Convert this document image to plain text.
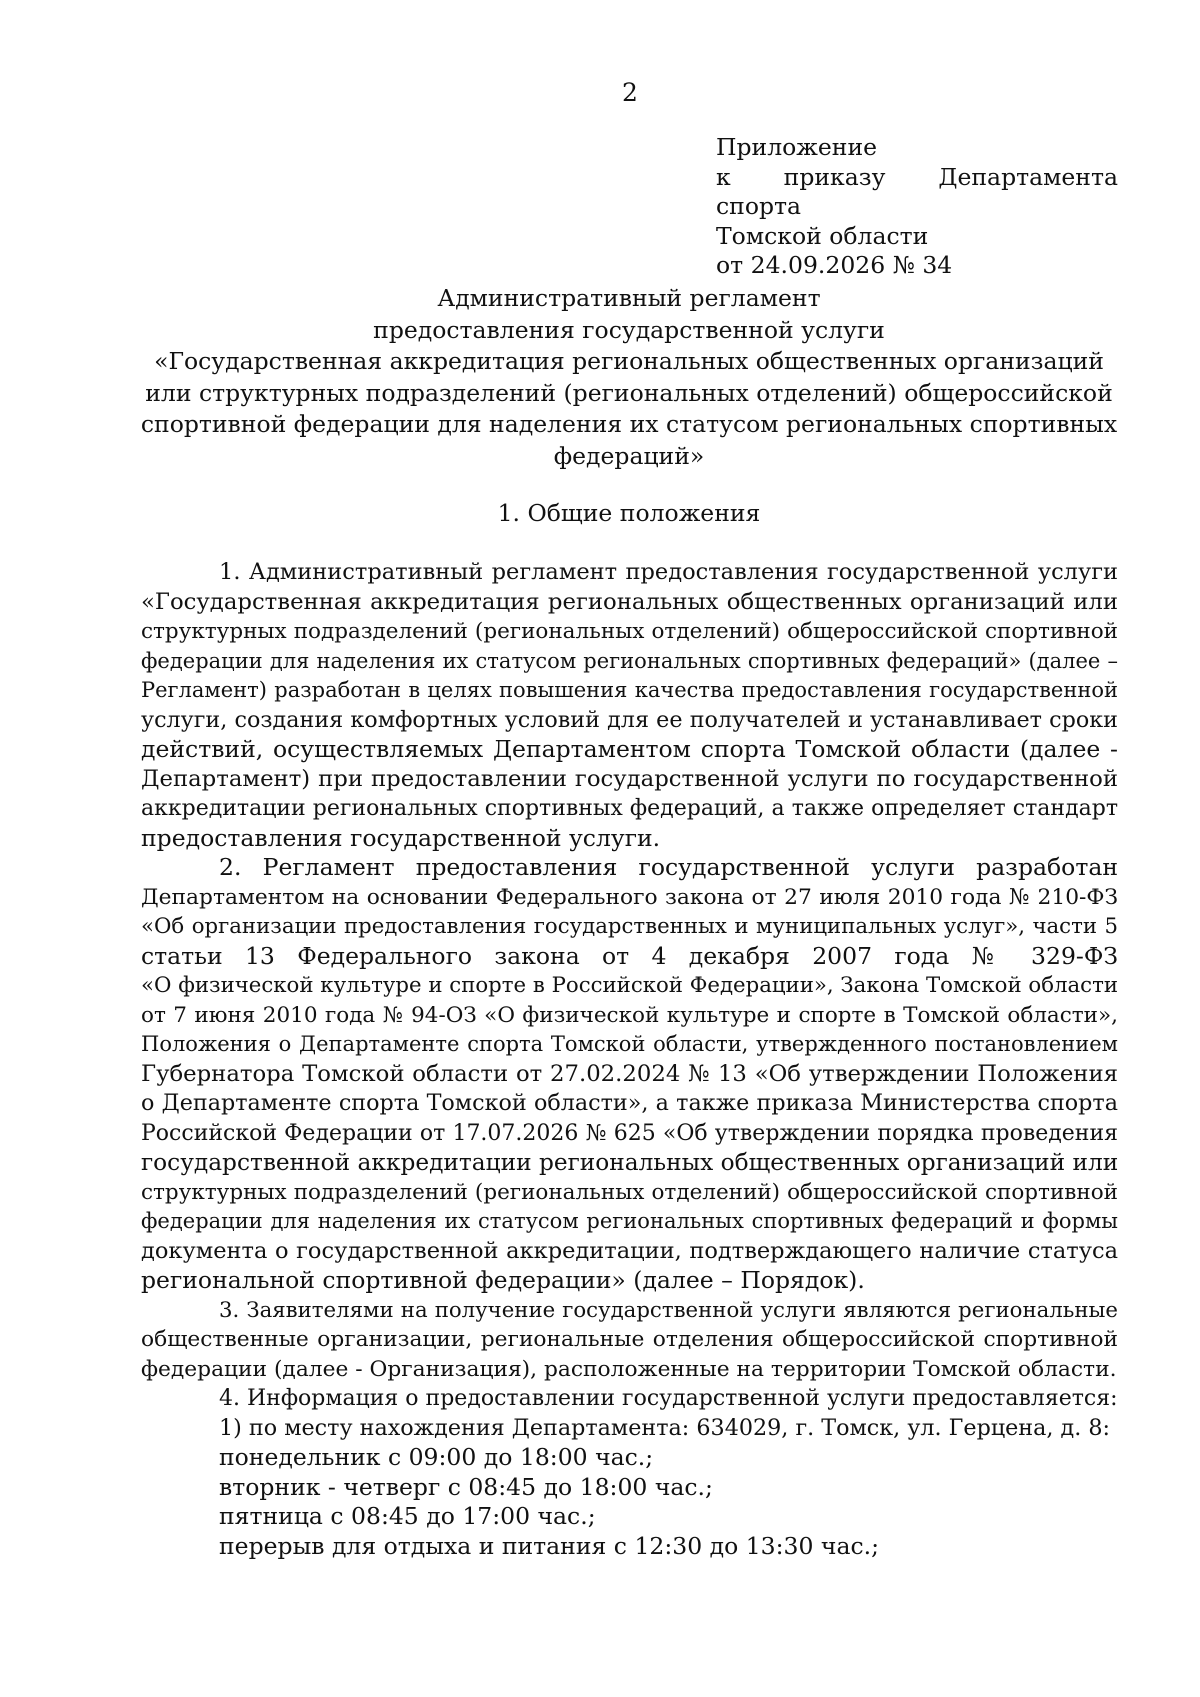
2
Приложение
к приказу Департамента спорта
Томской области
от 24.09.2026 № 34
Административный регламент
предоставления государственной услуги
«Государственная аккредитация региональных общественных организаций
или структурных подразделений (региональных отделений) общероссийской
спортивной федерации для наделения их статусом региональных спортивных
федераций»
1. Общие положения
1. Административный регламент предоставления государственной услуги
«Государственная аккредитация региональных общественных организаций или
структурных подразделений (региональных отделений) общероссийской спортивной
федерации для наделения их статусом региональных спортивных федераций» (далее –
Регламент) разработан в целях повышения качества предоставления государственной
услуги, создания комфортных условий для ее получателей и устанавливает сроки
действий, осуществляемых Департаментом спорта Томской области (далее -
Департамент) при предоставлении государственной услуги по государственной
аккредитации региональных спортивных федераций, а также определяет стандарт
предоставления государственной услуги.
2. Регламент предоставления государственной услуги разработан
Департаментом на основании Федерального закона от 27 июля 2010 года № 210-ФЗ
«Об организации предоставления государственных и муниципальных услуг», части 5
статьи 13 Федерального закона от 4 декабря 2007 года № 329-ФЗ
«О физической культуре и спорте в Российской Федерации», Закона Томской области
от 7 июня 2010 года № 94-ОЗ «О физической культуре и спорте в Томской области»,
Положения о Департаменте спорта Томской области, утвержденного постановлением
Губернатора Томской области от 27.02.2024 № 13 «Об утверждении Положения
о Департаменте спорта Томской области», а также приказа Министерства спорта
Российской Федерации от 17.07.2026 № 625 «Об утверждении порядка проведения
государственной аккредитации региональных общественных организаций или
структурных подразделений (региональных отделений) общероссийской спортивной
федерации для наделения их статусом региональных спортивных федераций и формы
документа о государственной аккредитации, подтверждающего наличие статуса
региональной спортивной федерации» (далее – Порядок).
3. Заявителями на получение государственной услуги являются региональные
общественные организации, региональные отделения общероссийской спортивной
федерации (далее - Организация), расположенные на территории Томской области.
4. Информация о предоставлении государственной услуги предоставляется:
1) по месту нахождения Департамента: 634029, г. Томск, ул. Герцена, д. 8:
понедельник с 09:00 до 18:00 час.;
вторник - четверг с 08:45 до 18:00 час.;
пятница с 08:45 до 17:00 час.;
перерыв для отдыха и питания с 12:30 до 13:30 час.;
